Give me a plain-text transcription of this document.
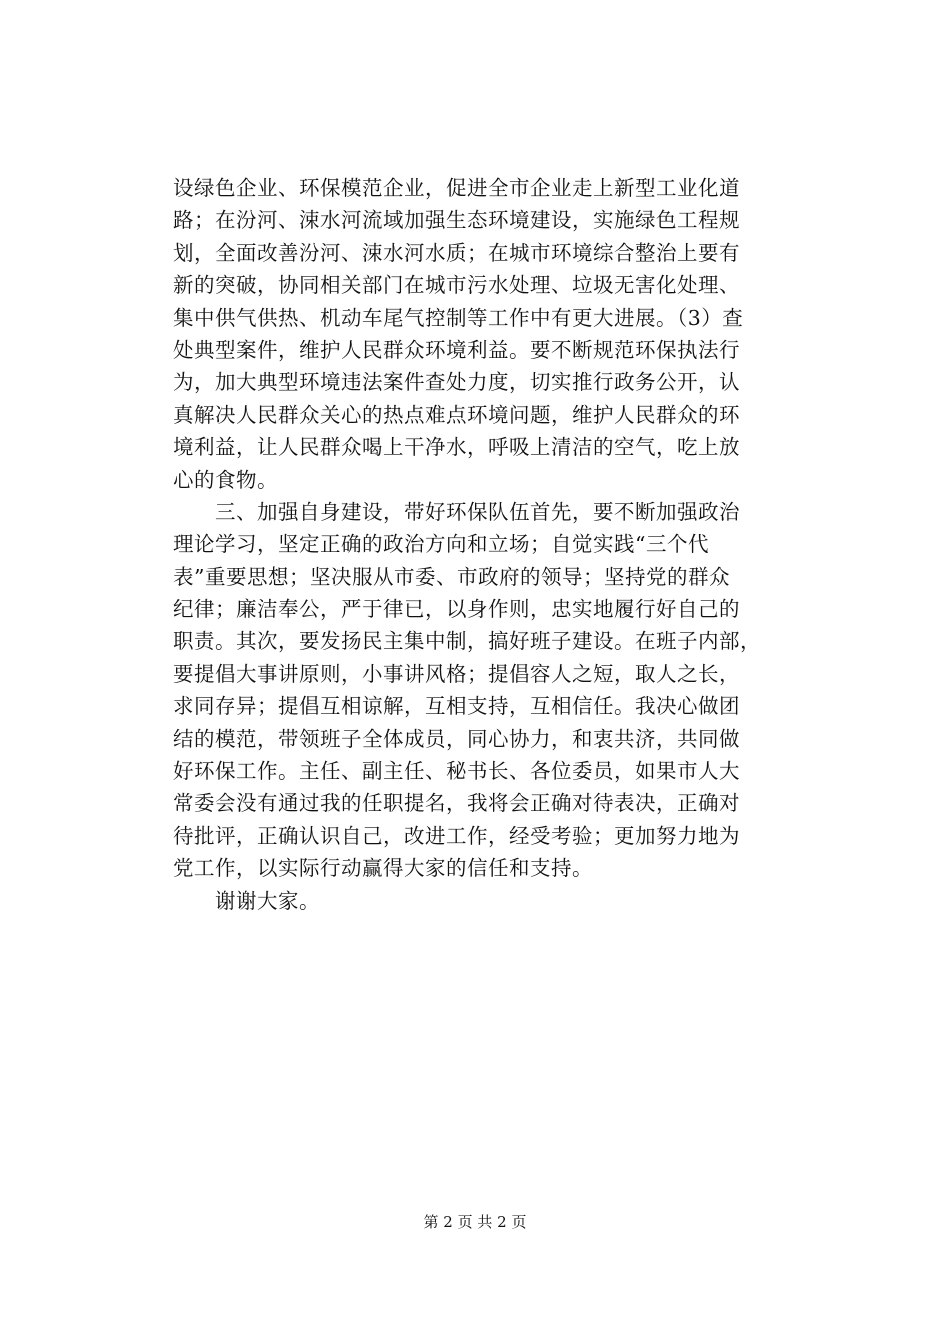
设绿色企业、环保模范企业，促进全市企业走上新型工业化道
路；在汾河、涑水河流域加强生态环境建设，实施绿色工程规
划，全面改善汾河、涑水河水质；在城市环境综合整治上要有
新的突破，协同相关部门在城市污水处理、垃圾无害化处理、
集中供气供热、机动车尾气控制等工作中有更大进展。（3）查
处典型案件，维护人民群众环境利益。要不断规范环保执法行
为，加大典型环境违法案件查处力度，切实推行政务公开，认
真解决人民群众关心的热点难点环境问题，维护人民群众的环
境利益，让人民群众喝上干净水，呼吸上清洁的空气，吃上放
心的食物。
　　三、加强自身建设，带好环保队伍首先，要不断加强政治
理论学习，坚定正确的政治方向和立场；自觉实践“三个代
表”重要思想；坚决服从市委、市政府的领导；坚持党的群众
纪律；廉洁奉公，严于律已，以身作则，忠实地履行好自己的
职责。其次，要发扬民主集中制，搞好班子建设。在班子内部，
要提倡大事讲原则，小事讲风格；提倡容人之短，取人之长，
求同存异；提倡互相谅解，互相支持，互相信任。我决心做团
结的模范，带领班子全体成员，同心协力，和衷共济，共同做
好环保工作。主任、副主任、秘书长、各位委员，如果市人大
常委会没有通过我的任职提名，我将会正确对待表决，正确对
待批评，正确认识自己，改进工作，经受考验；更加努力地为
党工作，以实际行动赢得大家的信任和支持。
　　谢谢大家。
第 2 页 共 2 页
